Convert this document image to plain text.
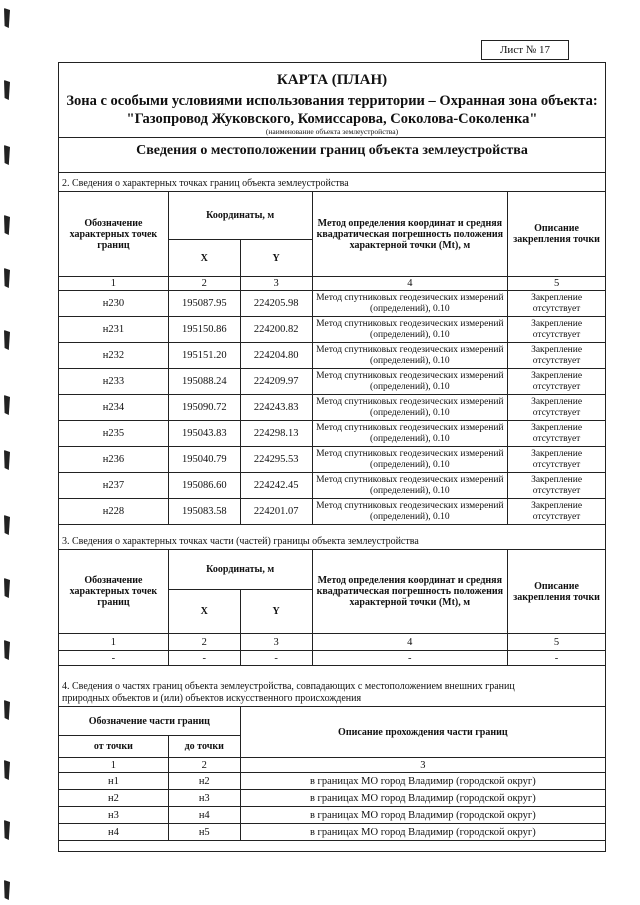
Лист № 17
КАРТА (ПЛАН)
Зона с особыми условиями использования территории – Охранная зона объекта:
"Газопровод Жуковского, Комиссарова, Соколова-Соколенка"
(наименование объекта землеустройства)
Сведения о местоположении границ объекта землеустройства
2. Сведения о характерных точках границ объекта землеустройства
Обозначение характерных точек границ	Координаты, м		Метод определения координат и средняя квадратическая погрешность положения характерной точки (Mt), м	Описание закрепления точки
	X	Y		
1	2	3	4	5
н230	195087.95	224205.98	Метод спутниковых геодезических измерений (определений), 0.10	Закрепление отсутствует
н231	195150.86	224200.82	Метод спутниковых геодезических измерений (определений), 0.10	Закрепление отсутствует
н232	195151.20	224204.80	Метод спутниковых геодезических измерений (определений), 0.10	Закрепление отсутствует
н233	195088.24	224209.97	Метод спутниковых геодезических измерений (определений), 0.10	Закрепление отсутствует
н234	195090.72	224243.83	Метод спутниковых геодезических измерений (определений), 0.10	Закрепление отсутствует
н235	195043.83	224298.13	Метод спутниковых геодезических измерений (определений), 0.10	Закрепление отсутствует
н236	195040.79	224295.53	Метод спутниковых геодезических измерений (определений), 0.10	Закрепление отсутствует
н237	195086.60	224242.45	Метод спутниковых геодезических измерений (определений), 0.10	Закрепление отсутствует
н228	195083.58	224201.07	Метод спутниковых геодезических измерений (определений), 0.10	Закрепление отсутствует
3. Сведения о характерных точках части (частей) границы объекта землеустройства
Обозначение характерных точек границ	Координаты, м		Метод определения координат и средняя квадратическая погрешность положения характерной точки (Mt), м	Описание закрепления точки
	X	Y		
1	2	3	4	5
-	-	-	-	-
4. Сведения о частях границ объекта землеустройства, совпадающих с местоположением внешних границ
природных объектов и (или) объектов искусственного происхождения
Обозначение части границ		Описание прохождения части границ
от точки	до точки	
1	2	3
н1	н2	в границах МО город Владимир (городской округ)
н2	н3	в границах МО город Владимир (городской округ)
н3	н4	в границах МО город Владимир (городской округ)
н4	н5	в границах МО город Владимир (городской округ)
